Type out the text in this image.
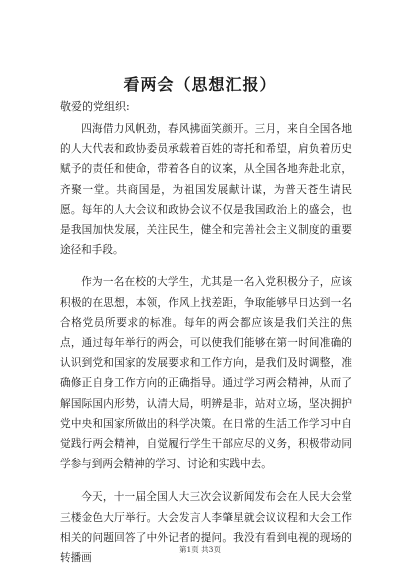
看两会（思想汇报）
敬爱的党组织:

四海借力风帆劲，春风拂面笑颜开。三月，来自全国各地的人大代表和政协委员承载着百姓的寄托和希望，肩负着历史赋予的责任和使命，带着各自的议案，从全国各地奔赴北京，齐聚一堂。共商国是，为祖国发展献计谋，为普天苍生请民愿。每年的人大会议和政协会议不仅是我国政治上的盛会，也是我国加快发展，关注民生，健全和完善社会主义制度的重要途径和手段。

作为一名在校的大学生，尤其是一名入党积极分子，应该积极的在思想，本领，作风上找差距，争取能够早日达到一名合格党员所要求的标准。每年的两会都应该是我们关注的焦点，通过每年举行的两会，可以使我们能够在第一时间准确的认识到党和国家的发展要求和工作方向，是我们及时调整，准确修正自身工作方向的正确指导。通过学习两会精神，从而了解国际国内形势，认清大局，明辨是非，站对立场，坚决拥护党中央和国家所做出的科学决策。在日常的生活工作学习中自觉践行两会精神，自觉履行学生干部应尽的义务，积极带动同学参与到两会精神的学习、讨论和实践中去。

今天，十一届全国人大三次会议新闻发布会在人民大会堂三楼金色大厅举行。大会发言人李肇星就会议议程和大会工作相关的问题回答了中外记者的提问。我没有看到电视的现场的转播画

第1页 共3页
